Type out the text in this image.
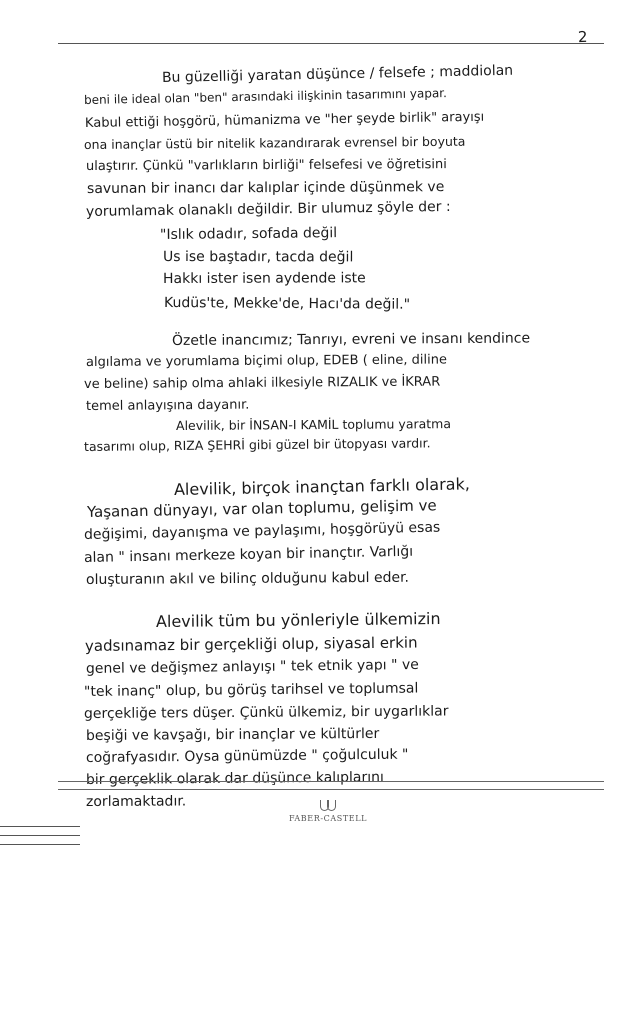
2
Bu güzelliği yaratan düşünce / felsefe ; maddiolan
beni ile ideal olan "ben" arasındaki ilişkinin tasarımını yapar.
Kabul ettiği hoşgörü, hümanizma ve "her şeyde birlik" arayışı
ona inançlar üstü bir nitelik kazandırarak evrensel bir boyuta
ulaştırır. Çünkü "varlıkların birliği" felsefesi ve öğretisini
savunan bir inancı dar kalıplar içinde düşünmek ve
yorumlamak olanaklı değildir. Bir ulumuz şöyle der :
"Islık odadır, sofada değil
Us ise baştadır, tacda değil
Hakkı ister isen aydende iste
Kudüs'te, Mekke'de, Hacı'da değil."
Özetle inancımız; Tanrıyı, evreni ve insanı kendince
algılama ve yorumlama biçimi olup, EDEB ( eline, diline
ve beline) sahip olma ahlaki ilkesiyle RIZALIK ve İKRAR
temel anlayışına dayanır.
Alevilik, bir İNSAN-I KAMİL toplumu yaratma
tasarımı olup, RIZA ŞEHRİ gibi güzel bir ütopyası vardır.
Alevilik, birçok inançtan farklı olarak,
Yaşanan dünyayı, var olan toplumu, gelişim ve
değişimi, dayanışma ve paylaşımı, hoşgörüyü esas
alan " insanı merkeze koyan bir inançtır. Varlığı
oluşturanın akıl ve bilinç olduğunu kabul eder.
Alevilik tüm bu yönleriyle ülkemizin
yadsınamaz bir gerçekliği olup, siyasal erkin
genel ve değişmez anlayışı " tek etnik yapı " ve
"tek inanç" olup, bu görüş tarihsel ve toplumsal
gerçekliğe ters düşer. Çünkü ülkemiz, bir uygarlıklar
beşiği ve kavşağı, bir inançlar ve kültürler
coğrafyasıdır. Oysa günümüzde " çoğulculuk "
bir gerçeklik olarak dar düşünce kalıplarını
zorlamaktadır.
FABER-CASTELL
